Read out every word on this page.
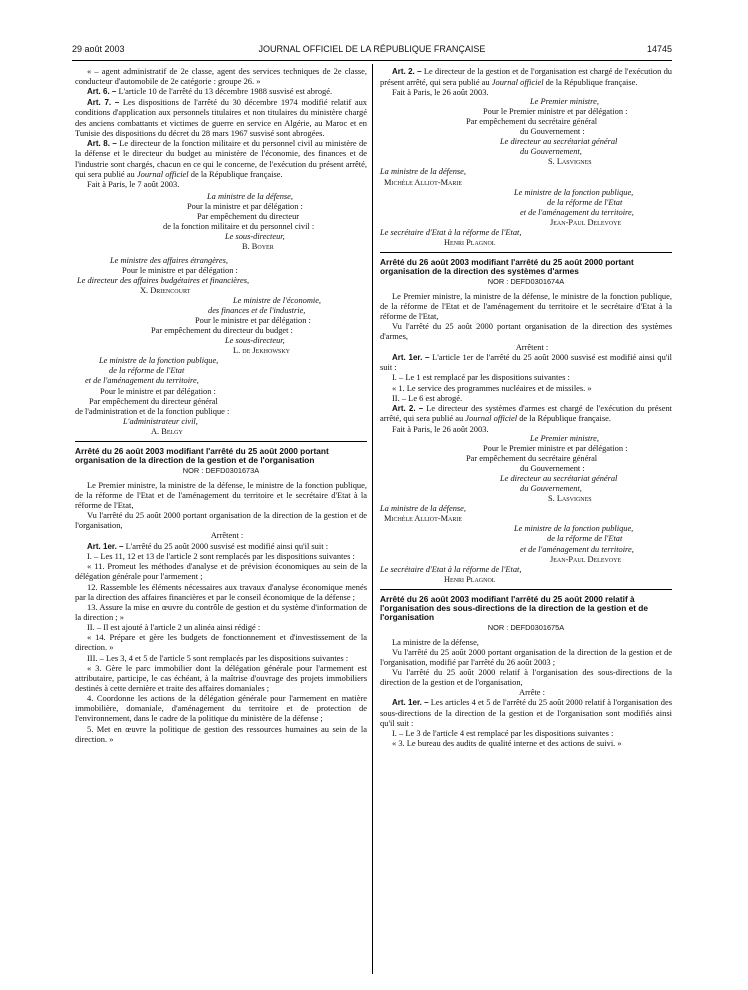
29 août 2003	JOURNAL OFFICIEL DE LA RÉPUBLIQUE FRANÇAISE	14745

« – agent administratif de 2e classe, agent des services techniques de 2e classe, conducteur d'automobile de 2e catégorie : groupe 26. »

Art. 6. – L'article 10 de l'arrêté du 13 décembre 1988 susvisé est abrogé.

Art. 7. – Les dispositions de l'arrêté du 30 décembre 1974 modifié relatif aux conditions d'application aux personnels titulaires et non titulaires du ministère chargé des anciens combattants et victimes de guerre en service en Algérie, au Maroc et en Tunisie des dispositions du décret du 28 mars 1967 susvisé sont abrogées.

Art. 8. – Le directeur de la fonction militaire et du personnel civil au ministère de la défense et le directeur du budget au ministère de l'économie, des finances et de l'industrie sont chargés, chacun en ce qui le concerne, de l'exécution du présent arrêté, qui sera publié au Journal officiel de la République française.

Fait à Paris, le 7 août 2003.

La ministre de la défense,

Pour la ministre et par délégation :

Par empêchement du directeur

de la fonction militaire et du personnel civil :

Le sous-directeur,

B. Boyer

Le ministre des affaires étrangères,

Pour le ministre et par délégation :

Le directeur des affaires budgétaires et financières,

X. Driencourt

Le ministre de l'économie,

des finances et de l'industrie,

Pour le ministre et par délégation :

Par empêchement du directeur du budget :

Le sous-directeur,

L. de Jekhowsky

Le ministre de la fonction publique,

de la réforme de l'Etat

et de l'aménagement du territoire,

Pour le ministre et par délégation :

Par empêchement du directeur général

de l'administration et de la fonction publique :

L'administrateur civil,

A. Belgy

Arrêté du 26 août 2003 modifiant l'arrêté du 25 août 2000 portant organisation de la direction de la gestion et de l'organisation

NOR : DEFD0301673A

Le Premier ministre, la ministre de la défense, le ministre de la fonction publique, de la réforme de l'Etat et de l'aménagement du territoire et le secrétaire d'Etat à la réforme de l'Etat,

Vu l'arrêté du 25 août 2000 portant organisation de la direction de la gestion et de l'organisation,

Arrêtent :

Art. 1er. – L'arrêté du 25 août 2000 susvisé est modifié ainsi qu'il suit :

I. – Les 11, 12 et 13 de l'article 2 sont remplacés par les dispositions suivantes :

« 11. Promeut les méthodes d'analyse et de prévision économiques au sein de la délégation générale pour l'armement ;

12. Rassemble les éléments nécessaires aux travaux d'analyse économique menés par la direction des affaires financières et par le conseil économique de la défense ;

13. Assure la mise en œuvre du contrôle de gestion et du système d'information de la direction ; »

II. – Il est ajouté à l'article 2 un alinéa ainsi rédigé :

« 14. Prépare et gère les budgets de fonctionnement et d'investissement de la direction. »

III. – Les 3, 4 et 5 de l'article 5 sont remplacés par les dispositions suivantes :

« 3. Gère le parc immobilier dont la délégation générale pour l'armement est attributaire, participe, le cas échéant, à la maîtrise d'ouvrage des projets immobiliers destinés à cette dernière et traite des affaires domaniales ;

4. Coordonne les actions de la délégation générale pour l'armement en matière immobilière, domaniale, d'aménagement du territoire et de protection de l'environnement, dans le cadre de la politique du ministère de la défense ;

5. Met en œuvre la politique de gestion des ressources humaines au sein de la direction. »

Art. 2. – Le directeur de la gestion et de l'organisation est chargé de l'exécution du présent arrêté, qui sera publié au Journal officiel de la République française.

Fait à Paris, le 26 août 2003.

Le Premier ministre,

Pour le Premier ministre et par délégation :

Par empêchement du secrétaire général

du Gouvernement :

Le directeur au secrétariat général

du Gouvernement,

S. Lasvignes

La ministre de la défense,

Michèle Alliot-Marie

Le ministre de la fonction publique,

de la réforme de l'Etat

et de l'aménagement du territoire,

Jean-Paul Delevoye

Le secrétaire d'Etat à la réforme de l'Etat,

Henri Plagnol

Arrêté du 26 août 2003 modifiant l'arrêté du 25 août 2000 portant organisation de la direction des systèmes d'armes

NOR : DEFD0301674A

Le Premier ministre, la ministre de la défense, le ministre de la fonction publique, de la réforme de l'Etat et de l'aménagement du territoire et le secrétaire d'Etat à la réforme de l'Etat,

Vu l'arrêté du 25 août 2000 portant organisation de la direction des systèmes d'armes,

Arrêtent :

Art. 1er. – L'article 1er de l'arrêté du 25 août 2000 susvisé est modifié ainsi qu'il suit :

I. – Le 1 est remplacé par les dispositions suivantes :

« 1. Le service des programmes nucléaires et de missiles. »

II. – Le 6 est abrogé.

Art. 2. – Le directeur des systèmes d'armes est chargé de l'exécution du présent arrêté, qui sera publié au Journal officiel de la République française.

Fait à Paris, le 26 août 2003.

Le Premier ministre,

Pour le Premier ministre et par délégation :

Par empêchement du secrétaire général

du Gouvernement :

Le directeur au secrétariat général

du Gouvernement,

S. Lasvignes

La ministre de la défense,

Michèle Alliot-Marie

Le ministre de la fonction publique,

de la réforme de l'Etat

et de l'aménagement du territoire,

Jean-Paul Delevoye

Le secrétaire d'Etat à la réforme de l'Etat,

Henri Plagnol

Arrêté du 26 août 2003 modifiant l'arrêté du 25 août 2000 relatif à l'organisation des sous-directions de la direction de la gestion et de l'organisation

NOR : DEFD0301675A

La ministre de la défense,

Vu l'arrêté du 25 août 2000 portant organisation de la direction de la gestion et de l'organisation, modifié par l'arrêté du 26 août 2003 ;

Vu l'arrêté du 25 août 2000 relatif à l'organisation des sous-directions de la direction de la gestion et de l'organisation,

Arrête :

Art. 1er. – Les articles 4 et 5 de l'arrêté du 25 août 2000 relatif à l'organisation des sous-directions de la direction de la gestion et de l'organisation sont modifiés ainsi qu'il suit :

I. – Le 3 de l'article 4 est remplacé par les dispositions suivantes :

« 3. Le bureau des audits de qualité interne et des actions de suivi. »
